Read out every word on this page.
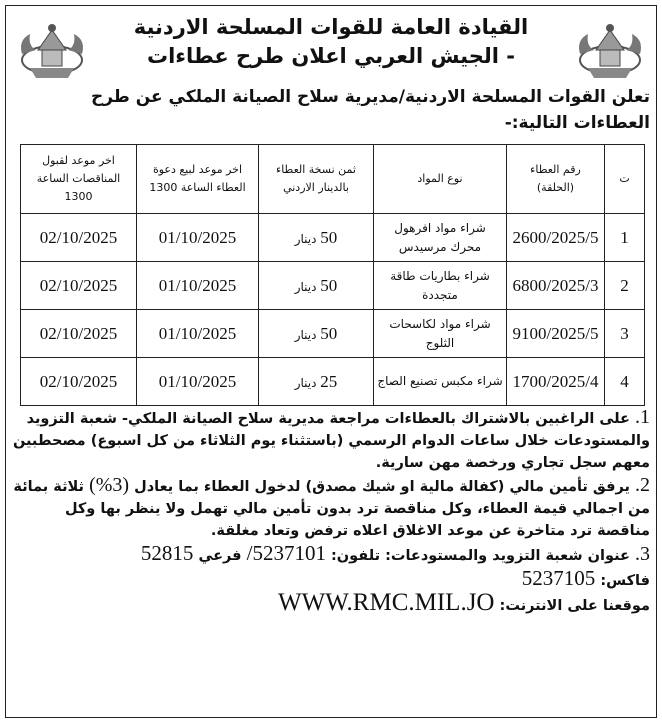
القيادة العامة للقوات المسلحة الاردنية
- الجيش العربي اعلان طرح عطاءات
تعلن القوات المسلحة الاردنية/مديرية سلاح الصيانة الملكي عن طرح العطاءات التالية:-
ت	رقم العطاء (الحلقة)	نوع المواد	ثمن نسخة العطاء بالدينار الاردني	اخر موعد لبيع دعوة العطاء الساعة 1300	اخر موعد لقبول المناقصات الساعة 1300
1	2600/2025/5	شراء مواد افرهول محرك مرسيدس	50 دينار	01/10/2025	02/10/2025
2	6800/2025/3	شراء بطاريات طاقة متجددة	50 دينار	01/10/2025	02/10/2025
3	9100/2025/5	شراء مواد لكاسحات الثلوج	50 دينار	01/10/2025	02/10/2025
4	1700/2025/4	شراء مكبس تصنيع الصاج	25 دينار	01/10/2025	02/10/2025

1. على الراغبين بالاشتراك بالعطاءات مراجعة مديرية سلاح الصيانة الملكي- شعبة التزويد والمستودعات خلال ساعات الدوام الرسمي (باستثناء يوم الثلاثاء من كل اسبوع) مصحطبين معهم سجل تجاري ورخصة مهن سارية.

2. يرفق تأمين مالي (كفالة مالية او شيك مصدق) لدخول العطاء بما يعادل (3%) ثلاثة بمائة من اجمالي قيمة العطاء، وكل مناقصة ترد بدون تأمين مالي تهمل ولا ينظر بها وكل مناقصة ترد متاخرة عن موعد الاغلاق اعلاه ترفض وتعاد مغلقة.

3. عنوان شعبة التزويد والمستودعات: تلفون: 5237101/ فرعي 52815
فاكس: 5237105
موقعنا على الانترنت: WWW.RMC.MIL.JO
